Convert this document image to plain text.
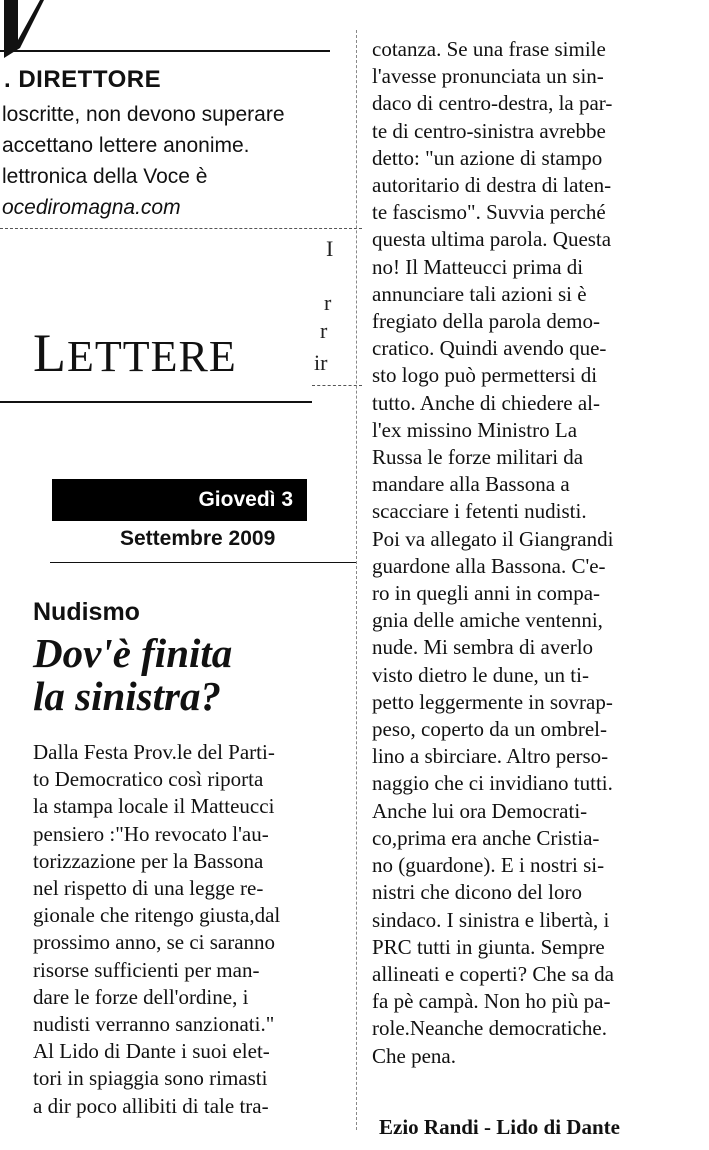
. DIRETTORE
loscritte, non devono superare
accettano lettere anonime.
lettronica della Voce è
ocediromagna.com
I
r
r
ir
LETTERE
Giovedì 3
Settembre 2009
Nudismo
Dov'è finita
la sinistra?
Dalla Festa Prov.le del Parti-
to Democratico così riporta
la stampa locale il Matteucci
pensiero :"Ho revocato l'au-
torizzazione per la Bassona
nel rispetto di una legge re-
gionale che ritengo giusta,dal
prossimo anno, se ci saranno
risorse sufficienti per man-
dare le forze dell'ordine, i
nudisti verranno sanzionati."
Al Lido di Dante i suoi elet-
tori in spiaggia sono rimasti
a dir poco allibiti di tale tra-
cotanza. Se una frase simile
l'avesse pronunciata un sin-
daco di centro-destra, la par-
te di centro-sinistra avrebbe
detto: "un azione di stampo
autoritario di destra di laten-
te fascismo". Suvvia perché
questa ultima parola. Questa
no! Il Matteucci prima di
annunciare tali azioni si è
fregiato della parola demo-
cratico. Quindi avendo que-
sto logo può permettersi di
tutto. Anche di chiedere al-
l'ex missino Ministro La
Russa le forze militari da
mandare alla Bassona a
scacciare i fetenti nudisti.
Poi va allegato il Giangrandi
guardone alla Bassona. C'e-
ro in quegli anni in compa-
gnia delle amiche ventenni,
nude. Mi sembra di averlo
visto dietro le dune, un ti-
petto leggermente in sovrap-
peso, coperto da un ombrel-
lino a sbirciare. Altro perso-
naggio che ci invidiano tutti.
Anche lui ora Democrati-
co,prima era anche Cristia-
no (guardone). E i nostri si-
nistri che dicono del loro
sindaco. I sinistra e libertà, i
PRC tutti in giunta. Sempre
allineati e coperti? Che sa da
fa pè campà. Non ho più pa-
role.Neanche democratiche.
Che pena.
Ezio Randi - Lido di Dante
